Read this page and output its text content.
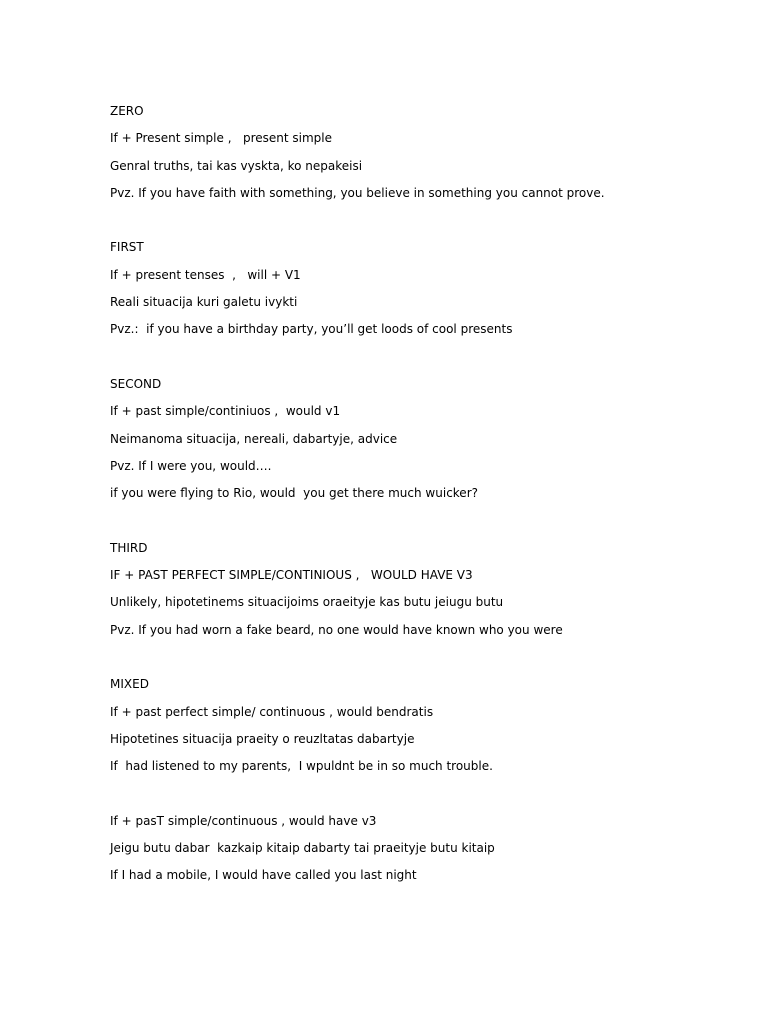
ZERO
If + Present simple ,   present simple
Genral truths, tai kas vyskta, ko nepakeisi
Pvz. If you have faith with something, you believe in something you cannot prove.
FIRST
If + present tenses  ,   will + V1
Reali situacija kuri galetu ivykti
Pvz.:  if you have a birthday party, you’ll get loods of cool presents
SECOND
If + past simple/continiuos ,  would v1
Neimanoma situacija, nereali, dabartyje, advice
Pvz. If I were you, would….
if you were flying to Rio, would  you get there much wuicker?
THIRD
IF + PAST PERFECT SIMPLE/CONTINIOUS ,   WOULD HAVE V3
Unlikely, hipotetinems situacijoims oraeityje kas butu jeiugu butu
Pvz. If you had worn a fake beard, no one would have known who you were
MIXED
If + past perfect simple/ continuous , would bendratis
Hipotetines situacija praeity o reuzltatas dabartyje
If  had listened to my parents,  I wpuldnt be in so much trouble.
If + pasT simple/continuous , would have v3
Jeigu butu dabar  kazkaip kitaip dabarty tai praeityje butu kitaip
If I had a mobile, I would have called you last night
